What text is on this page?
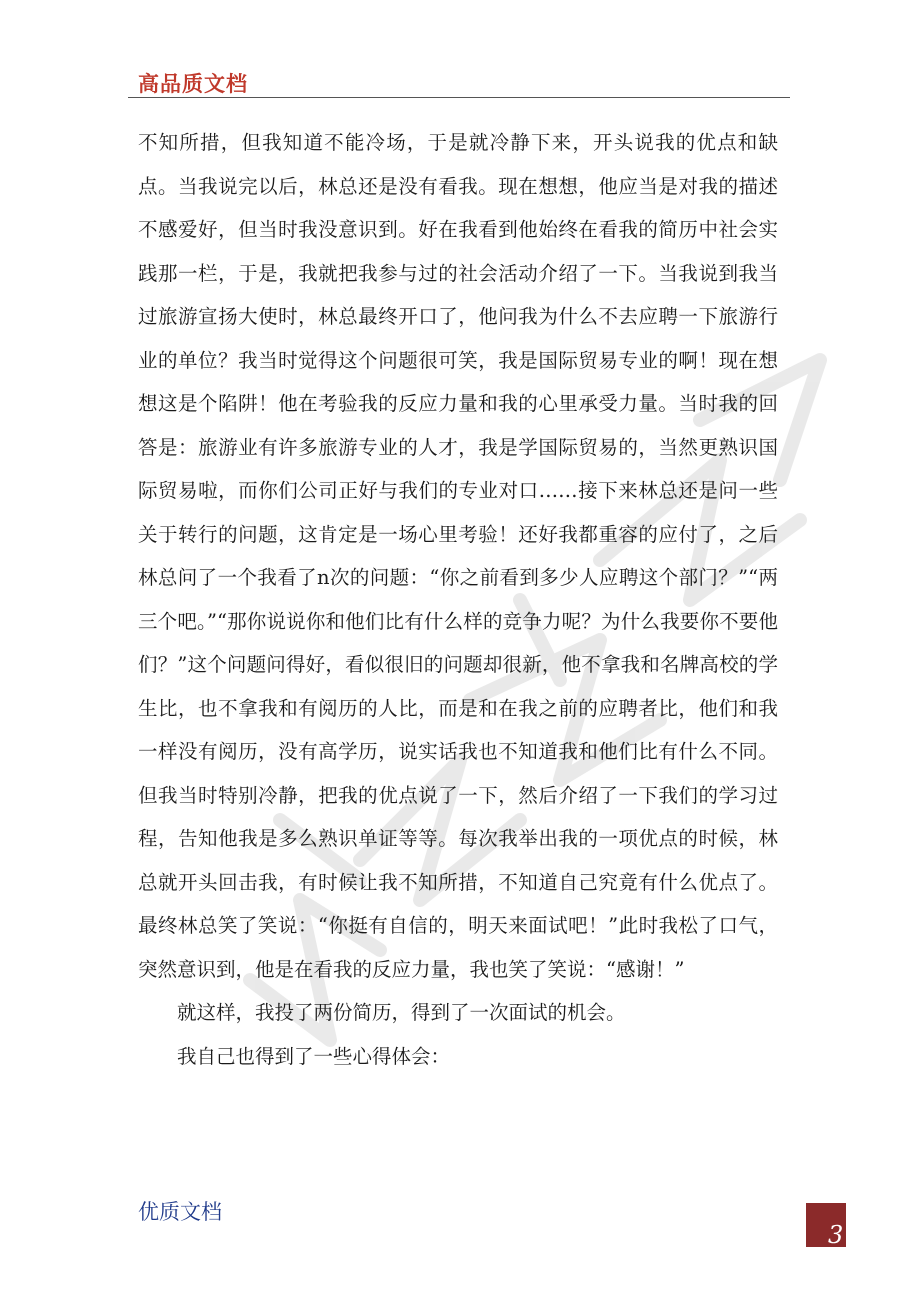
高品质文档

不知所措，但我知道不能冷场，于是就冷静下来，开头说我的优点和缺点。当我说完以后，林总还是没有看我。现在想想，他应当是对我的描述不感爱好，但当时我没意识到。好在我看到他始终在看我的简历中社会实践那一栏，于是，我就把我参与过的社会活动介绍了一下。当我说到我当过旅游宣扬大使时，林总最终开口了，他问我为什么不去应聘一下旅游行业的单位？我当时觉得这个问题很可笑，我是国际贸易专业的啊！现在想想这是个陷阱！他在考验我的反应力量和我的心里承受力量。当时我的回答是：旅游业有许多旅游专业的人才，我是学国际贸易的，当然更熟识国际贸易啦，而你们公司正好与我们的专业对口……接下来林总还是问一些关于转行的问题，这肯定是一场心里考验！还好我都重容的应付了，之后林总问了一个我看了n次的问题：“你之前看到多少人应聘这个部门？”“两三个吧。”“那你说说你和他们比有什么样的竞争力呢？为什么我要你不要他们？”这个问题问得好，看似很旧的问题却很新，他不拿我和名牌高校的学生比，也不拿我和有阅历的人比，而是和在我之前的应聘者比，他们和我一样没有阅历，没有高学历，说实话我也不知道我和他们比有什么不同。但我当时特别冷静，把我的优点说了一下，然后介绍了一下我们的学习过程，告知他我是多么熟识单证等等。每次我举出我的一项优点的时候，林总就开头回击我，有时候让我不知所措，不知道自己究竟有什么优点了。最终林总笑了笑说：“你挺有自信的，明天来面试吧！”此时我松了口气，突然意识到，他是在看我的反应力量，我也笑了笑说：“感谢！”

就这样，我投了两份简历，得到了一次面试的机会。

我自己也得到了一些心得体会：

优质文档
3
